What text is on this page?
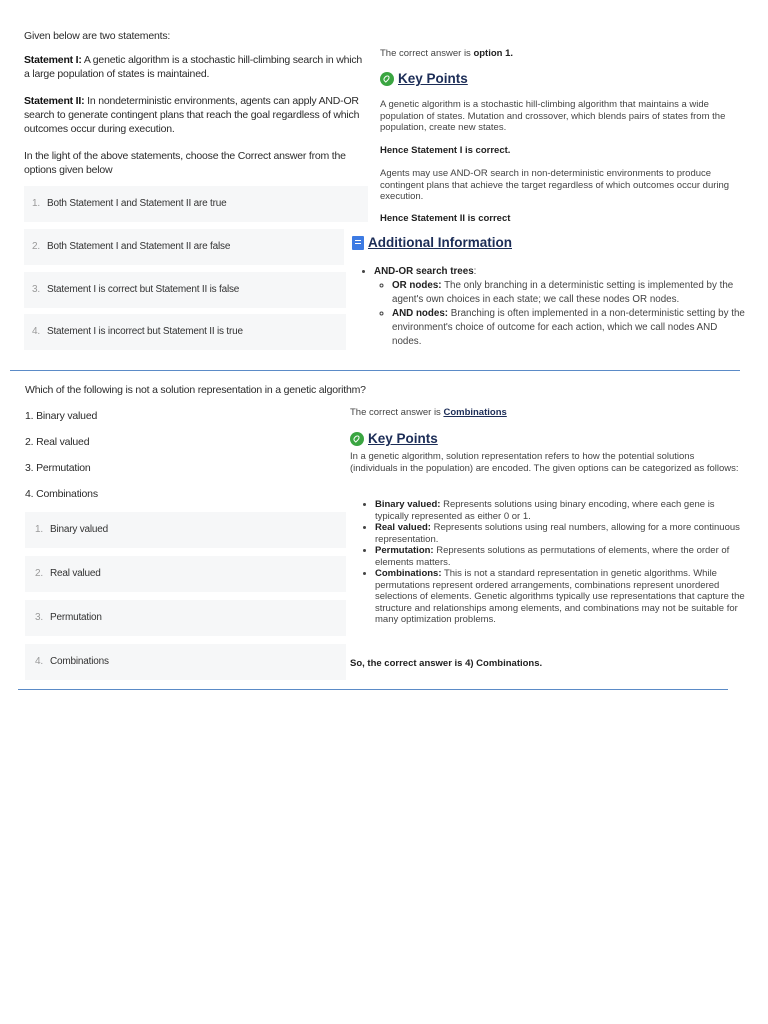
Given below are two statements:
Statement I: A genetic algorithm is a stochastic hill-climbing search in which a large population of states is maintained.
Statement II: In nondeterministic environments, agents can apply AND-OR search to generate contingent plans that reach the goal regardless of which outcomes occur during execution.
In the light of the above statements, choose the Correct answer from the options given below
1. Both Statement I and Statement II are true
2. Both Statement I and Statement II are false
3. Statement I is correct but Statement II is false
4. Statement I is incorrect but Statement II is true
The correct answer is option 1.
Key Points
A genetic algorithm is a stochastic hill-climbing algorithm that maintains a wide population of states. Mutation and crossover, which blends pairs of states from the population, create new states.
Hence Statement I is correct.
Agents may use AND-OR search in non-deterministic environments to produce contingent plans that achieve the target regardless of which outcomes occur during execution.
Hence Statement II is correct
Additional Information
• AND-OR search trees:
◦ OR nodes: The only branching in a deterministic setting is implemented by the agent's own choices in each state; we call these nodes OR nodes.
◦ AND nodes: Branching is often implemented in a non-deterministic setting by the environment's choice of outcome for each action, which we call nodes AND nodes.
Which of the following is not a solution representation in a genetic algorithm?
1. Binary valued
2. Real valued
3. Permutation
4. Combinations
1. Binary valued
2. Real valued
3. Permutation
4. Combinations
The correct answer is Combinations
Key Points
In a genetic algorithm, solution representation refers to how the potential solutions (individuals in the population) are encoded. The given options can be categorized as follows:
• Binary valued: Represents solutions using binary encoding, where each gene is typically represented as either 0 or 1.
• Real valued: Represents solutions using real numbers, allowing for a more continuous representation.
• Permutation: Represents solutions as permutations of elements, where the order of elements matters.
• Combinations: This is not a standard representation in genetic algorithms. While permutations represent ordered arrangements, combinations represent unordered selections of elements. Genetic algorithms typically use representations that capture the structure and relationships among elements, and combinations may not be suitable for many optimization problems.
So, the correct answer is 4) Combinations.
